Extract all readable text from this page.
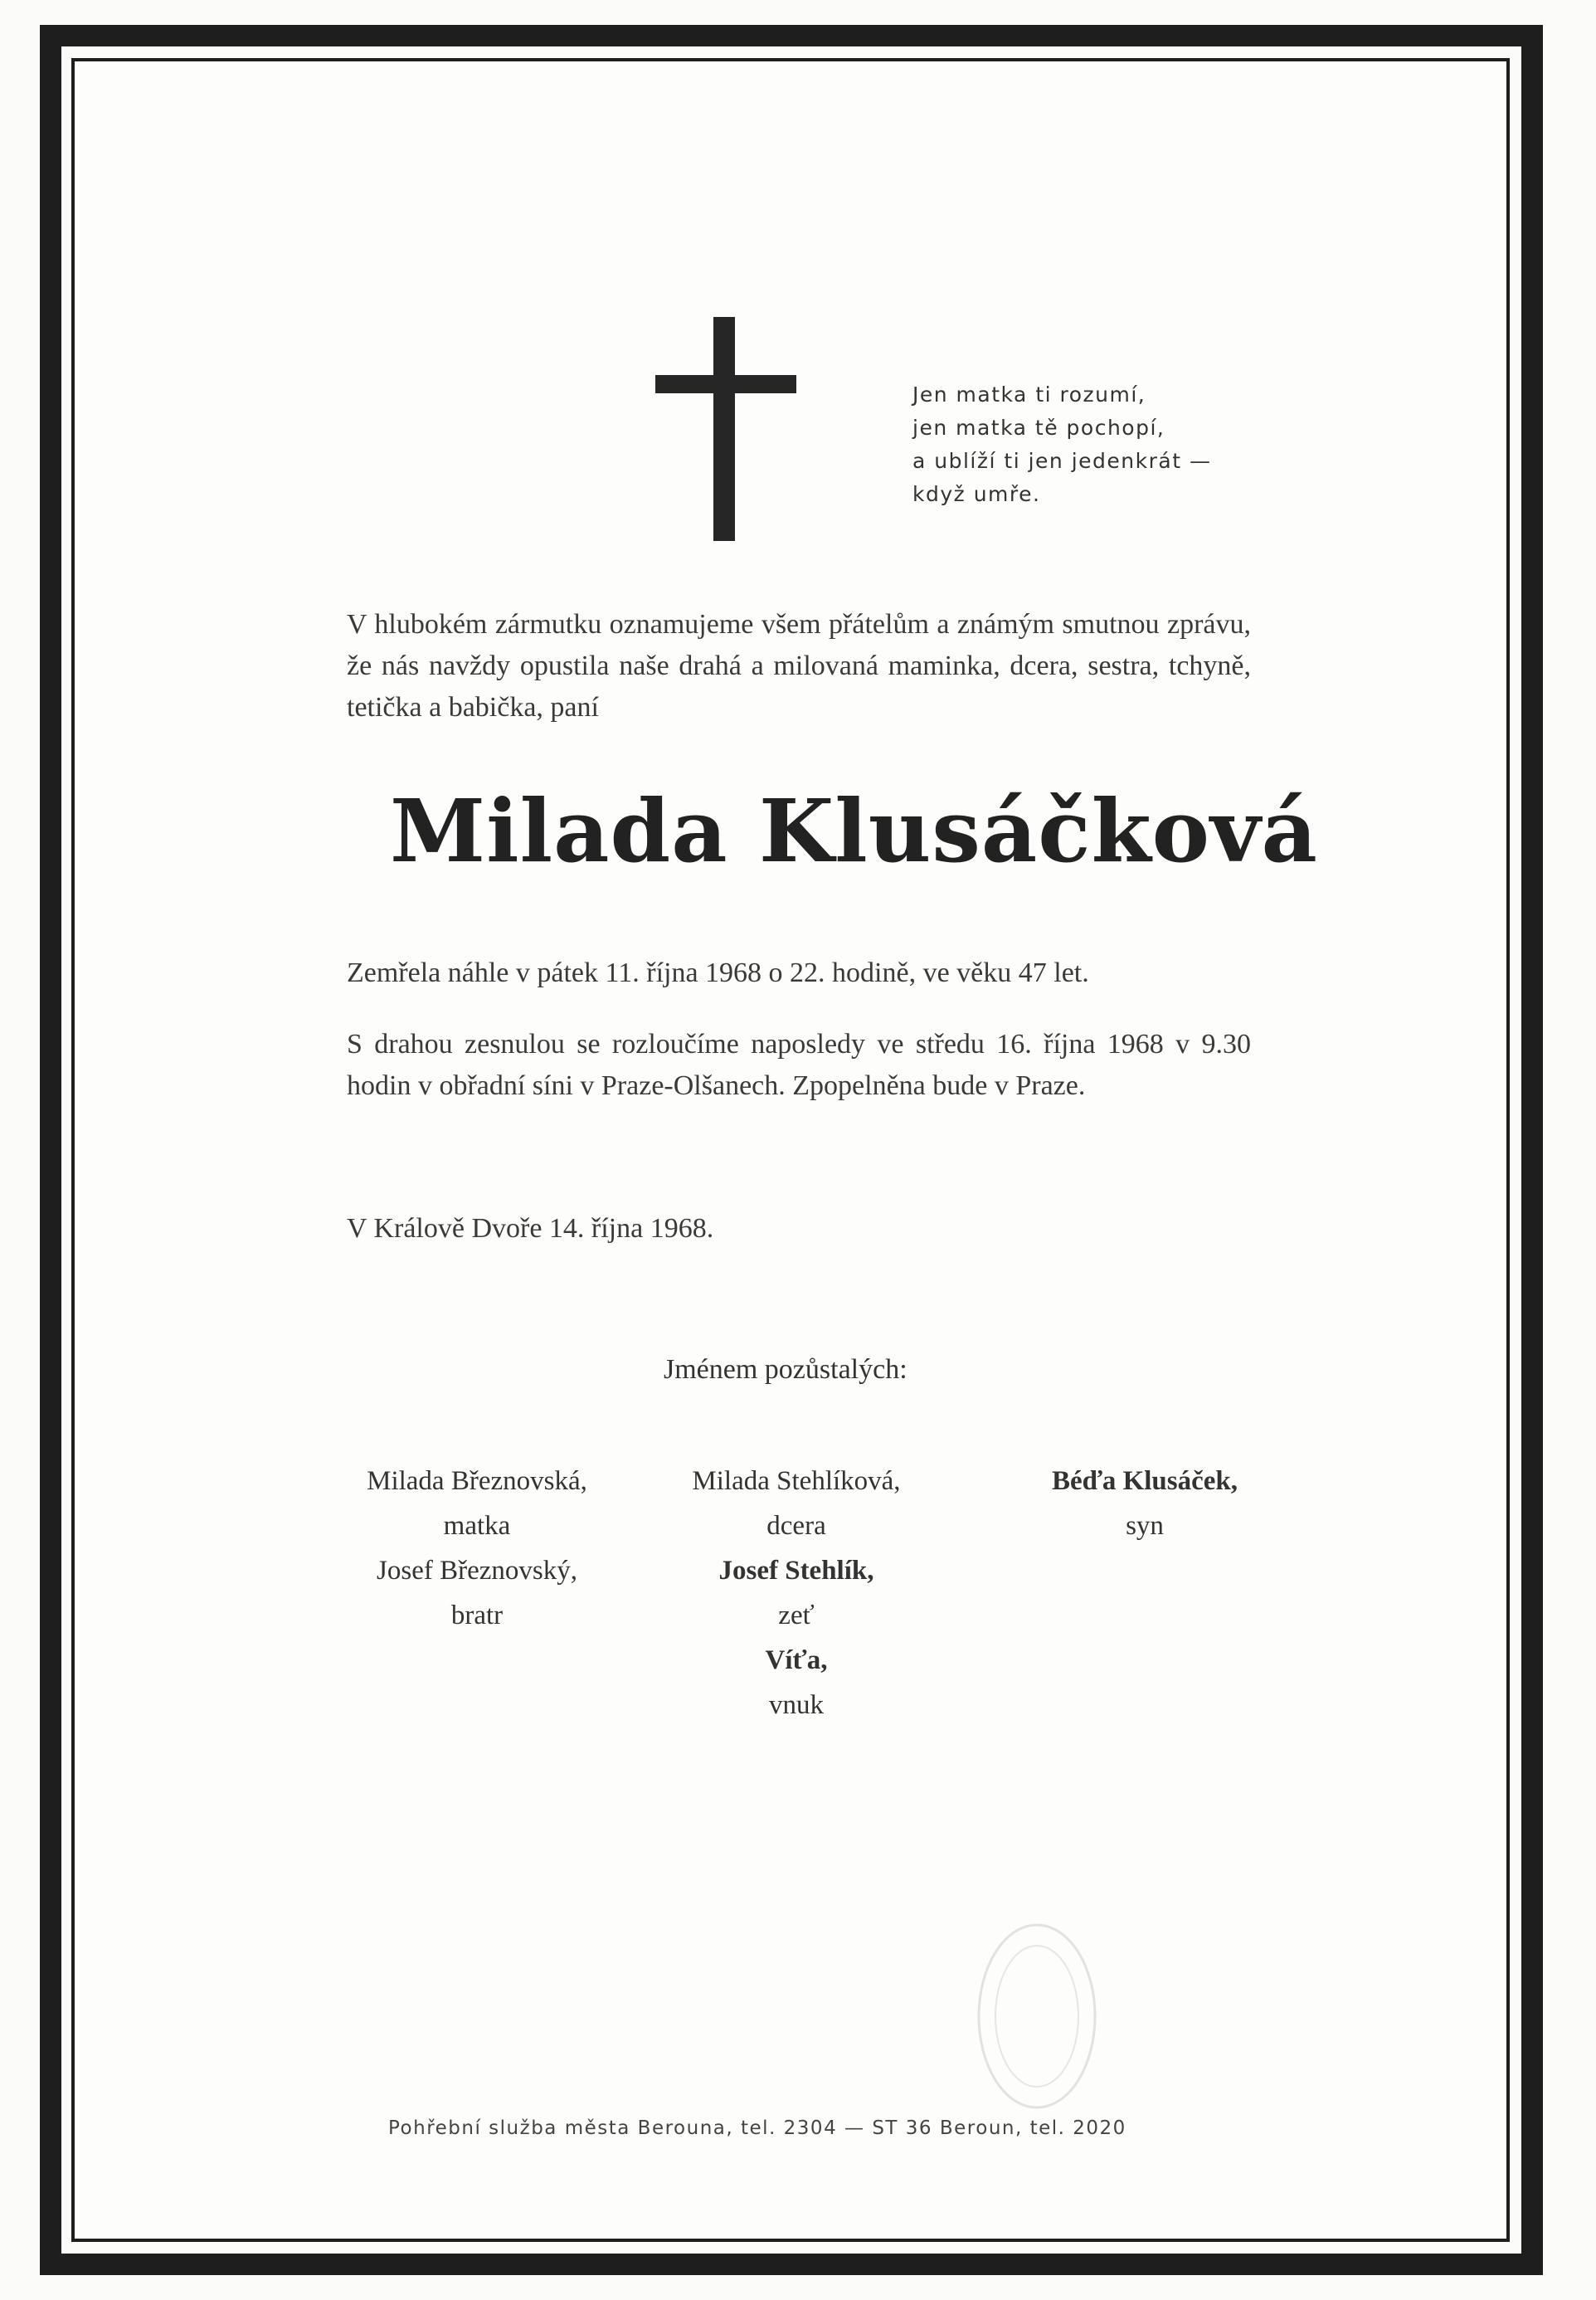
Jen matka ti rozumí,
jen matka tě pochopí,
a ublíží ti jen jedenkrát —
když umře.
V hlubokém zármutku oznamujeme všem přátelům a známým smutnou zprávu, že nás navždy opustila naše drahá a milovaná maminka, dcera, sestra, tchyně, tetička a babička, paní
Milada Klusáčková
Zemřela náhle v pátek 11. října 1968 o 22. hodině, ve věku 47 let.
S drahou zesnulou se rozloučíme naposledy ve středu 16. října 1968 v 9.30 hodin v obřadní síni v Praze-Olšanech. Zpopelněna bude v Praze.
V Králově Dvoře 14. října 1968.
Jménem pozůstalých:
Milada Březnovská,
matka
Josef Březnovský,
bratr
Milada Stehlíková,
dcera
Josef Stehlík,
zeť
Víťa,
vnuk
Béďa Klusáček,
syn
Pohřební služba města Berouna, tel. 2304 — ST 36 Beroun, tel. 2020
